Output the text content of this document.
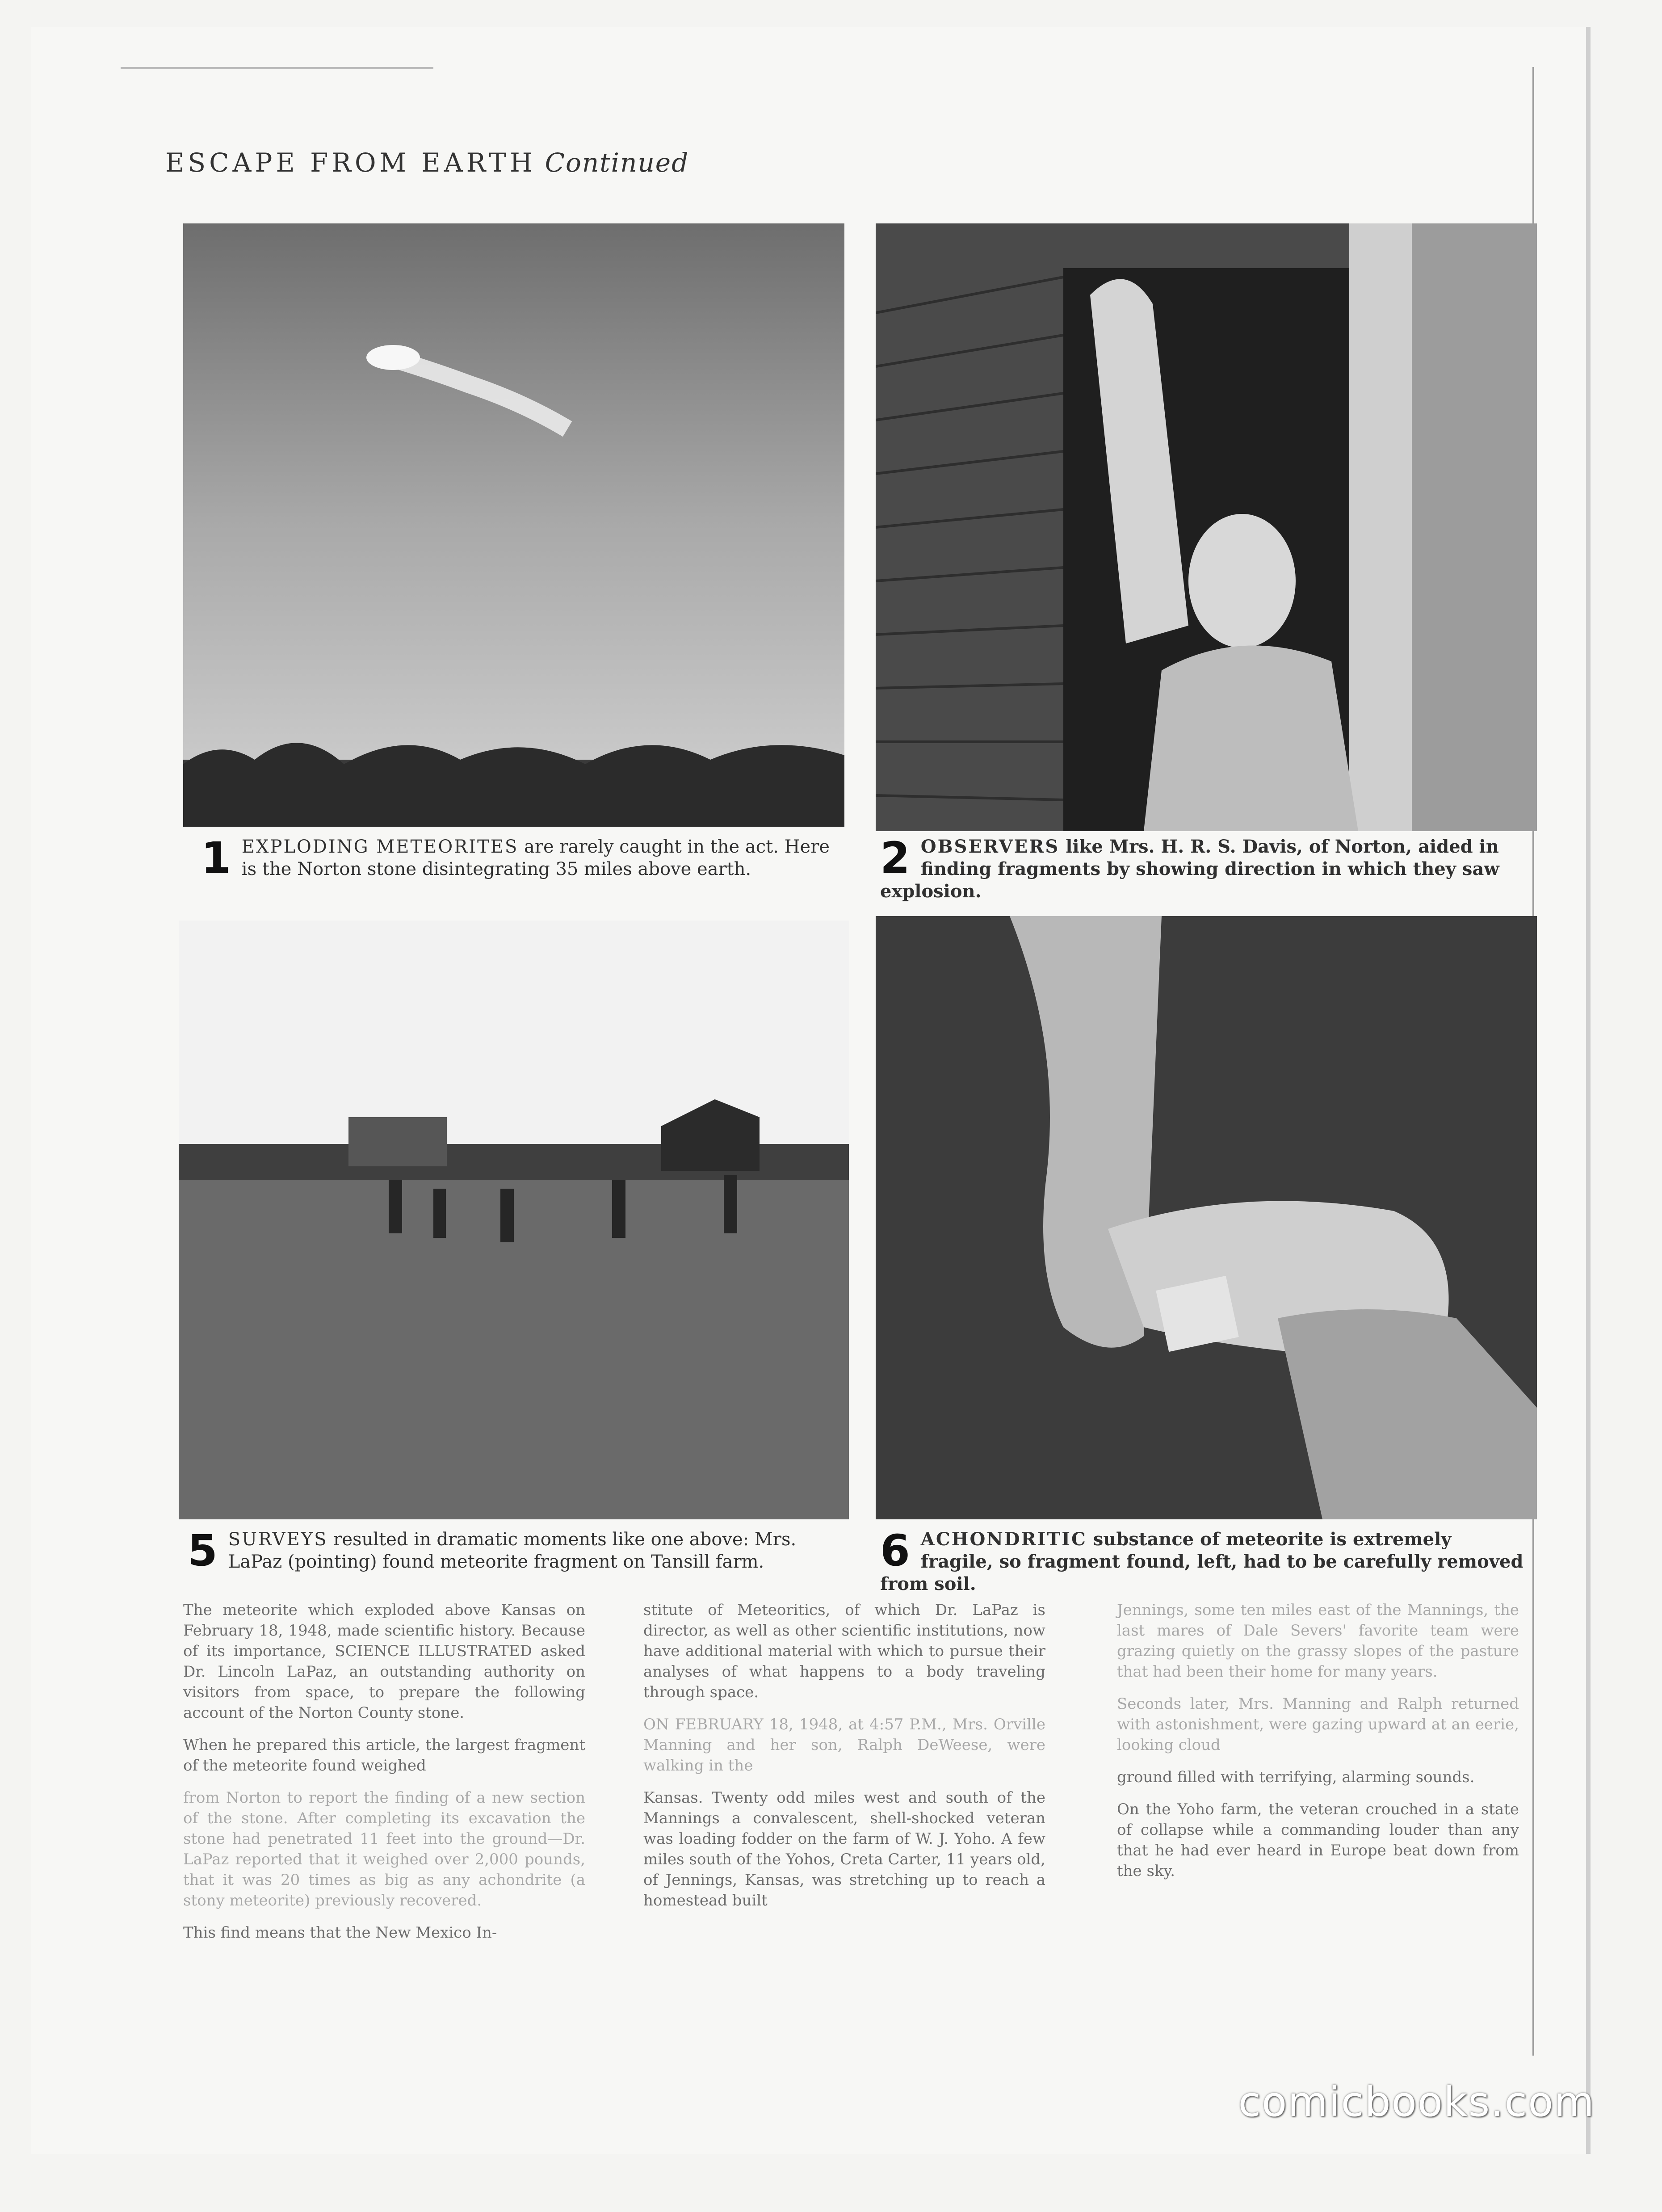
ESCAPE FROM EARTH Continued
1 EXPLODING METEORITES are rarely caught in the act. Here is the Norton stone disintegrating 35 miles above earth.	2 OBSERVERS like Mrs. H. R. S. Davis, of Norton, aided in finding fragments by showing direction in which they saw explosion.
5 SURVEYS resulted in dramatic moments like one above: Mrs. LaPaz (pointing) found meteorite fragment on Tansill farm.	6 ACHONDRITIC substance of meteorite is extremely fragile, so fragment found, left, had to be carefully removed from soil.

The meteorite which exploded above Kansas on February 18, 1948, made scientific history. Because of its importance, SCIENCE ILLUSTRATED asked Dr. Lincoln LaPaz, an outstanding authority on visitors from space, to prepare the following account of the Norton County stone.

When he prepared this article, the largest fragment of the meteorite found weighed

from Norton to report the finding of a new section of the stone. After completing its excavation the stone had penetrated 11 feet into the ground—Dr. LaPaz reported that it weighed over 2,000 pounds, that it was 20 times as big as any achondrite (a stony meteorite) previously recovered.

This find means that the New Mexico In-

stitute of Meteoritics, of which Dr. LaPaz is director, as well as other scientific institutions, now have additional material with which to pursue their analyses of what happens to a body traveling through space.

ON FEBRUARY 18, 1948, at 4:57 P.M., Mrs. Orville Manning and her son, Ralph DeWeese, were walking in the

Kansas. Twenty odd miles west and south of the Mannings a convalescent, shell-shocked veteran was loading fodder on the farm of W. J. Yoho. A few miles south of the Yohos, Creta Carter, 11 years old, of Jennings, Kansas, was stretching up to reach a homestead built

Jennings, some ten miles east of the Mannings, the last mares of Dale Severs' favorite team were grazing quietly on the grassy slopes of the pasture that had been their home for many years.

Seconds later, Mrs. Manning and Ralph returned with astonishment, were gazing upward at an eerie, looking cloud

ground filled with terrifying, alarming sounds.

On the Yoho farm, the veteran crouched in a state of collapse while a commanding louder than any that he had ever heard in Europe beat down from the sky.

comicbooks.com
